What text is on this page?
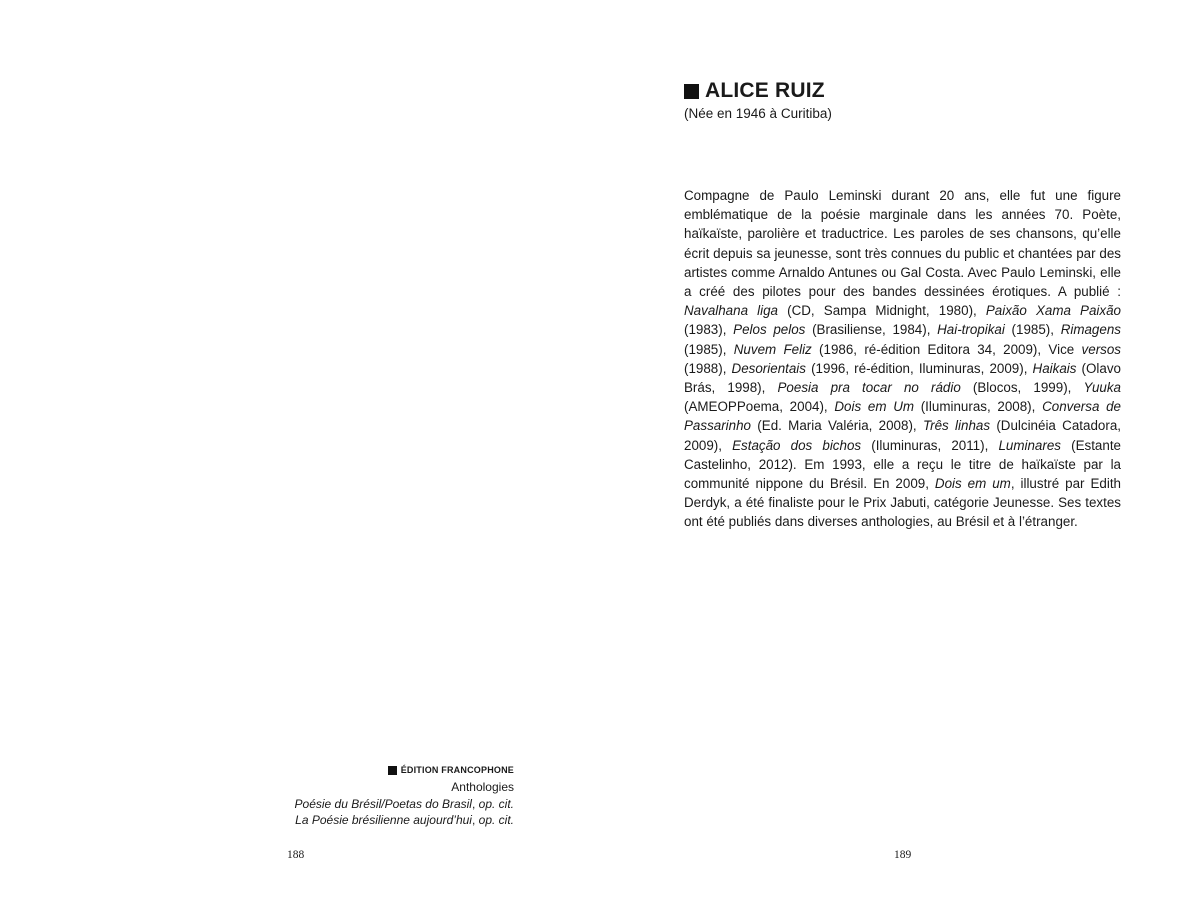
ÉDITION FRANCOPHONE
Anthologies
Poésie du Brésil/Poetas do Brasil, op. cit.
La Poésie brésilienne aujourd’hui, op. cit.
188
ALICE RUIZ
(Née en 1946 à Curitiba)

Compagne de Paulo Leminski durant 20 ans, elle fut une figure emblématique de la poésie marginale dans les années 70. Poète, haïkaïste, parolière et traductrice. Les paroles de ses chansons, qu’elle écrit depuis sa jeunesse, sont très connues du public et chantées par des artistes comme Arnaldo Antunes ou Gal Costa. Avec Paulo Leminski, elle a créé des pilotes pour des bandes dessinées érotiques. A publié : Navalhana liga (CD, Sampa Midnight, 1980), Paixão Xama Paixão (1983), Pelos pelos (Brasiliense, 1984), Hai-tropikai (1985), Rimagens (1985), Nuvem Feliz (1986, ré-édition Editora 34, 2009), Vice versos (1988), Desorientais (1996, ré-édition, Iluminuras, 2009), Haikais (Olavo Brás, 1998), Poesia pra tocar no rádio (Blocos, 1999), Yuuka (AMEOPPoema, 2004), Dois em Um (Iluminuras, 2008), Conversa de Passarinho (Ed. Maria Valéria, 2008), Três linhas (Dulcinéia Catadora, 2009), Estação dos bichos (Iluminuras, 2011), Luminares (Estante Castelinho, 2012). Em 1993, elle a reçu le titre de haïkaïste par la communité nippone du Brésil. En 2009, Dois em um, illustré par Edith Derdyk, a été finaliste pour le Prix Jabuti, catégorie Jeunesse. Ses textes ont été publiés dans diverses anthologies, au Brésil et à l’étranger.

189
